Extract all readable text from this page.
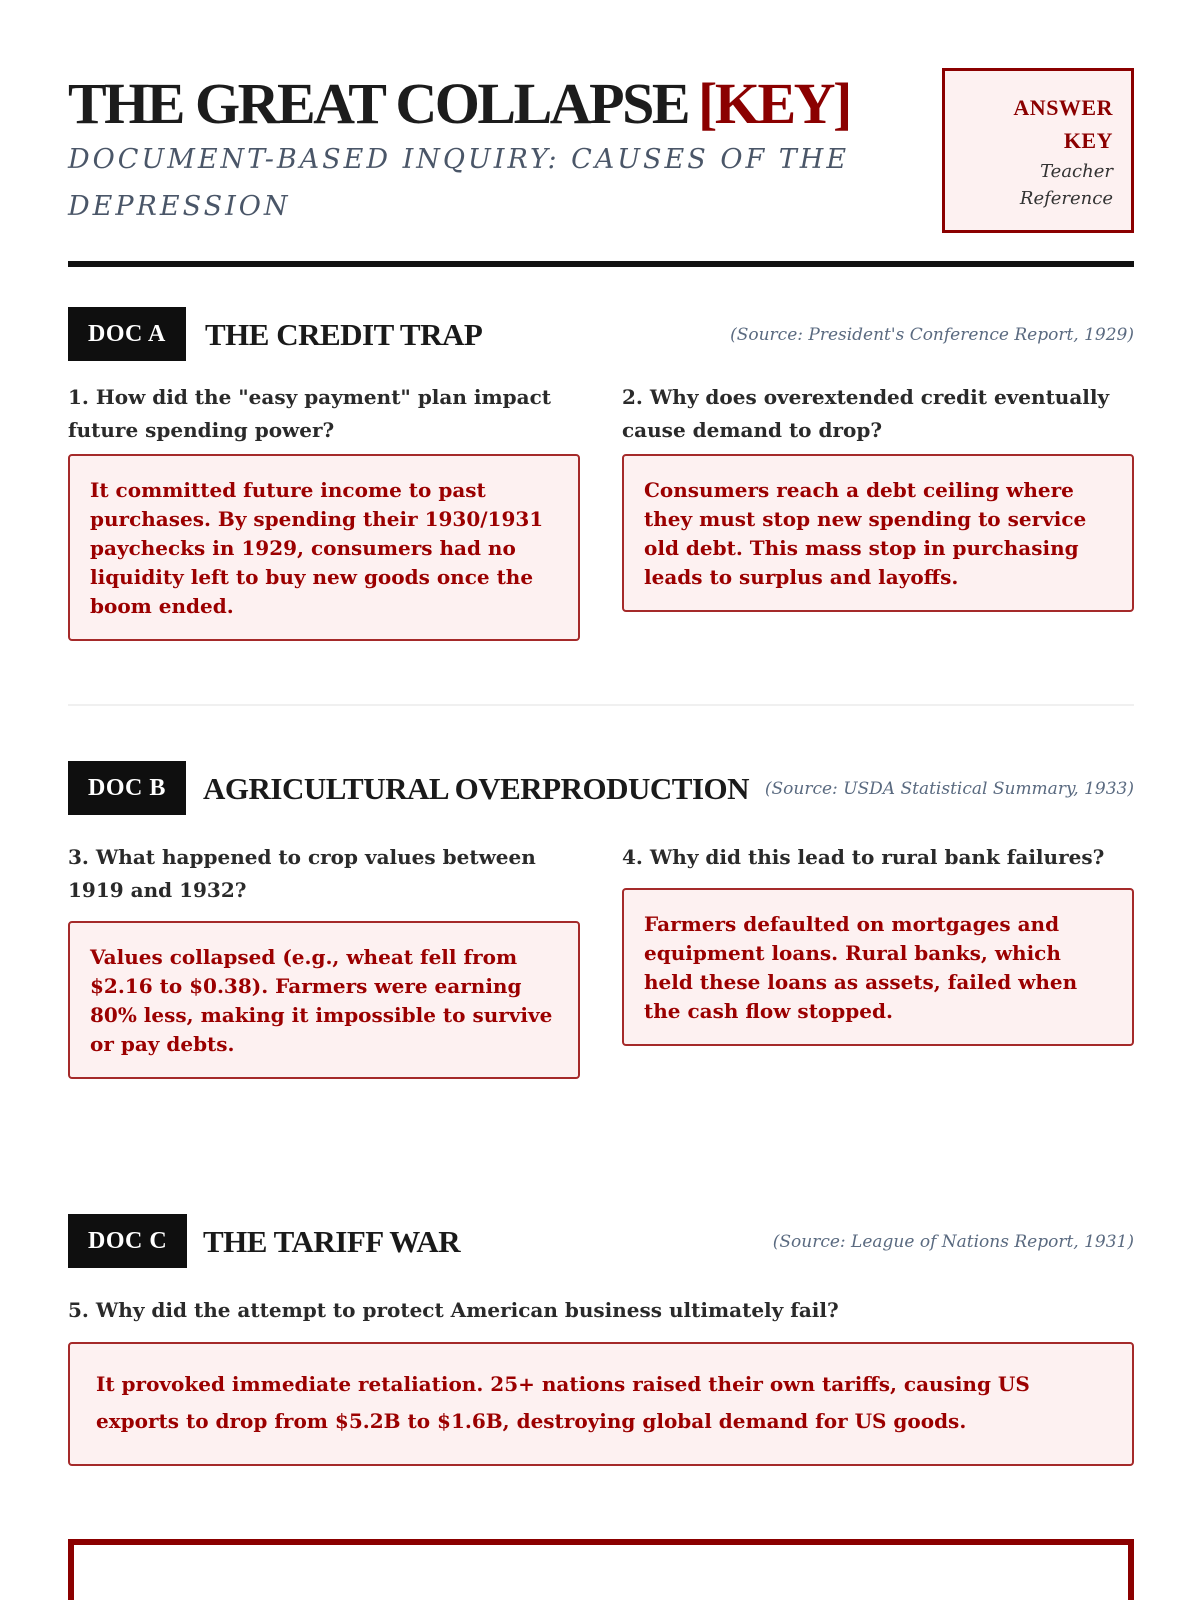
THE GREAT COLLAPSE [KEY]
DOCUMENT-BASED INQUIRY: CAUSES OF THE DEPRESSION
ANSWER KEY
Teacher Reference
DOC A	THE CREDIT TRAP	(Source: President's Conference Report, 1929)
1. How did the "easy payment" plan impact future spending power?
It committed future income to past purchases. By spending their 1930/1931 paychecks in 1929, consumers had no liquidity left to buy new goods once the boom ended.
2. Why does overextended credit eventually cause demand to drop?
Consumers reach a debt ceiling where they must stop new spending to service old debt. This mass stop in purchasing leads to surplus and layoffs.
DOC B	AGRICULTURAL OVERPRODUCTION (Source: USDA Statistical Summary, 1933)
3. What happened to crop values between 1919 and 1932?
Values collapsed (e.g., wheat fell from $2.16 to $0.38). Farmers were earning 80% less, making it impossible to survive or pay debts.
4. Why did this lead to rural bank failures?
Farmers defaulted on mortgages and equipment loans. Rural banks, which held these loans as assets, failed when the cash flow stopped.
DOC C	THE TARIFF WAR	(Source: League of Nations Report, 1931)
5. Why did the attempt to protect American business ultimately fail?
It provoked immediate retaliation. 25+ nations raised their own tariffs, causing US exports to drop from $5.2B to $1.6B, destroying global demand for US goods.
